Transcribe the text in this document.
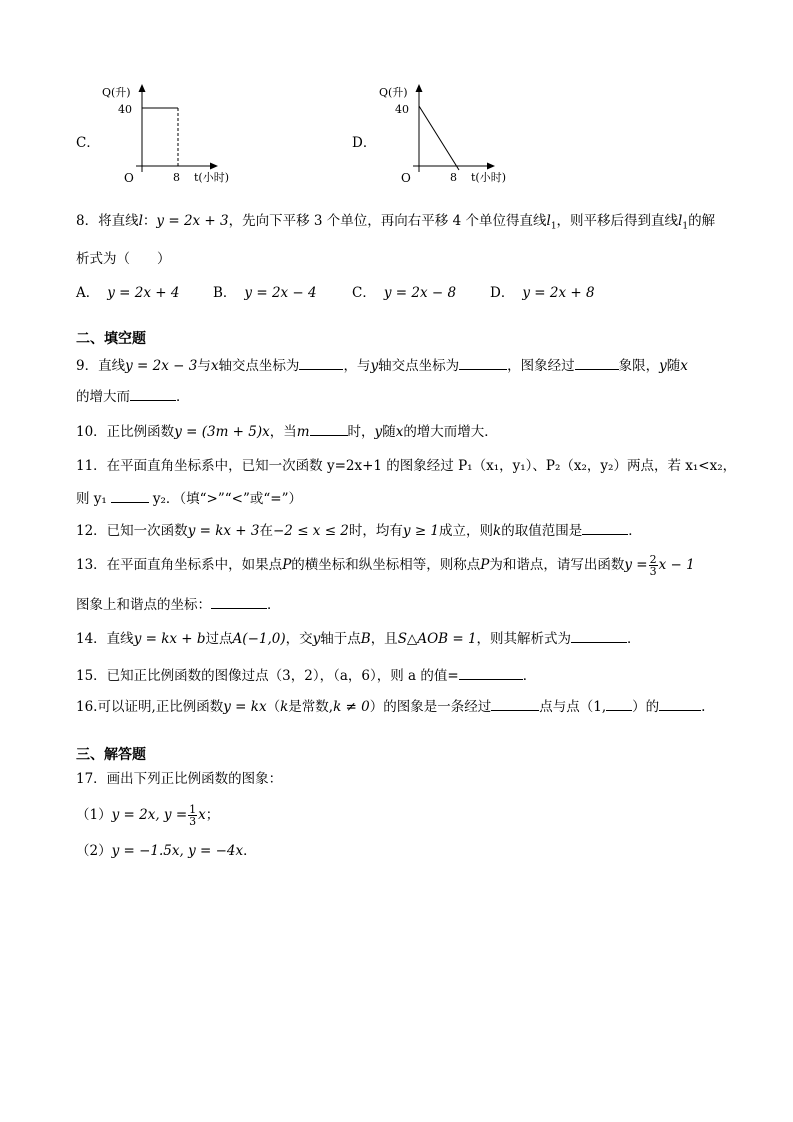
C．
Q(升)
40
O	8 t(小时)
D．
Q(升)
40
O	8 t(小时)
8．将直线l：y = 2x + 3，先向下平移 3 个单位，再向右平移 4 个单位得直线$l_1$，则平移后得到直线$l_1$的解
析式为（　　）
A． y = 2x + 4 B． y = 2x − 4	C． y = 2x − 8	D． y = 2x + 8
二、填空题
9．直线y = 2x − 3与x轴交点坐标为	，与y轴交点坐标为	，图象经过	象限，y随x
的增大而	．
10．正比例函数y = (3m + 5)x，当m	时，y随x的增大而增大．
11．在平面直角坐标系中，已知一次函数 y=2x+1 的图象经过 P₁（x₁，y₁）、P₂（x₂，y₂）两点，若 x₁<x₂，
则 y₁	y₂．（填“>”“<”或“=”）
12．已知一次函数y = kx + 3在−2 ≤ x ≤ 2时，均有y ≥ 1成立，则k的取值范围是	．
13．在平面直角坐标系中，如果点P的横坐标和纵坐标相等，则称点P为和谐点，请写出函数$y = \frac{2}{3}$ x − 1
图象上和谐点的坐标：	．
14．直线y = kx + b过点A(−1,0)，交y轴于点B，且S△AOB = 1，则其解析式为	．
15．已知正比例函数的图像过点（3，2），（a，6），则 a 的值=	．
16.可以证明,正比例函数y = kx（k是常数,k ≠ 0）的图象是一条经过	点与点（1, ）的	.
三、解答题
17．画出下列正比例函数的图象：
（1）y = 2x, $y = \frac{1}{3}$ x；
（2）y = −1.5x, y = −4x．
